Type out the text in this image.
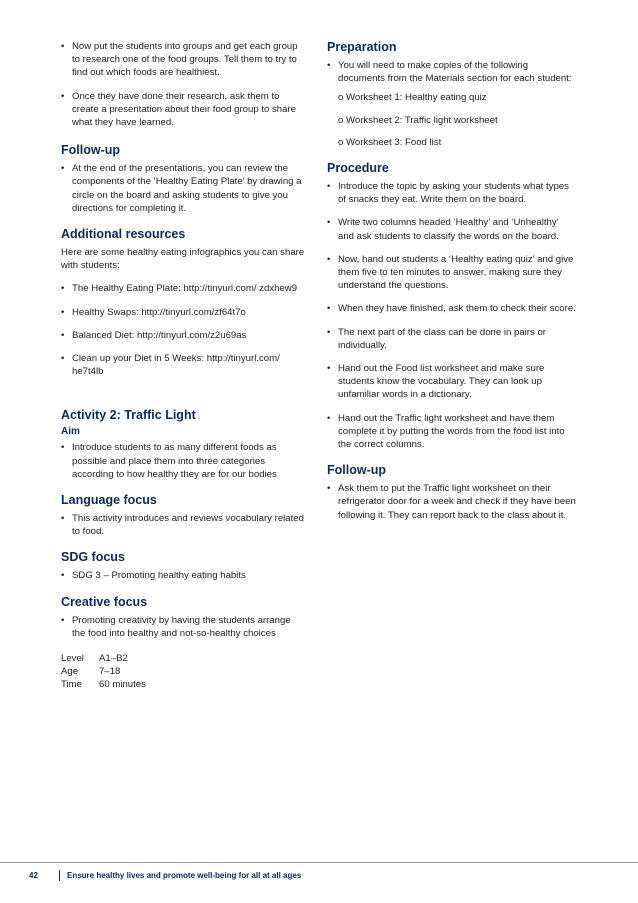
• Now put the students into groups and get each group to research one of the food groups. Tell them to try to find out which foods are healthiest.
• Once they have done their research, ask them to create a presentation about their food group to share what they have learned.
Follow-up
• At the end of the presentations, you can review the components of the ‘Healthy Eating Plate’ by drawing a circle on the board and asking students to give you directions for completing it.
Additional resources

Here are some healthy eating infographics you can share with students:

• The Healthy Eating Plate: http://tinyurl.com/ zdxhew9
• Healthy Swaps: http://tinyurl.com/zf64t7o
• Balanced Diet: http://tinyurl.com/z2u69as
• Clean up your Diet in 5 Weeks: http://tinyurl.com/ he7t4lb
Activity 2: Traffic Light
Aim
• Introduce students to as many different foods as possible and place them into three categories according to how healthy they are for our bodies
Language focus
• This activity introduces and reviews vocabulary related to food.
SDG focus
• SDG 3 – Promoting healthy eating habits
Creative focus
• Promoting creativity by having the students arrange the food into healthy and not-so-healthy choices
Level	A1–B2
Age	7–18
Time	60 minutes
Preparation
• You will need to make copies of the following documents from the Materials section for each student:
o Worksheet 1: Healthy eating quiz
o Worksheet 2: Traffic light worksheet
o Worksheet 3: Food list
Procedure
• Introduce the topic by asking your students what types of snacks they eat. Write them on the board.
• Write two columns headed ‘Healthy’ and ‘Unhealthy’ and ask students to classify the words on the board.
• Now, hand out students a ‘Healthy eating quiz’ and give them five to ten minutes to answer, making sure they understand the questions.
• When they have finished, ask them to check their score.
• The next part of the class can be done in pairs or individually.
• Hand out the Food list worksheet and make sure students know the vocabulary. They can look up unfamiliar words in a dictionary.
• Hand out the Traffic light worksheet and have them complete it by putting the words from the food list into the correct columns.
Follow-up
• Ask them to put the Traffic light worksheet on their refrigerator door for a week and check if they have been following it. They can report back to the class about it.
42	Ensure healthy lives and promote well-being for all at all ages
